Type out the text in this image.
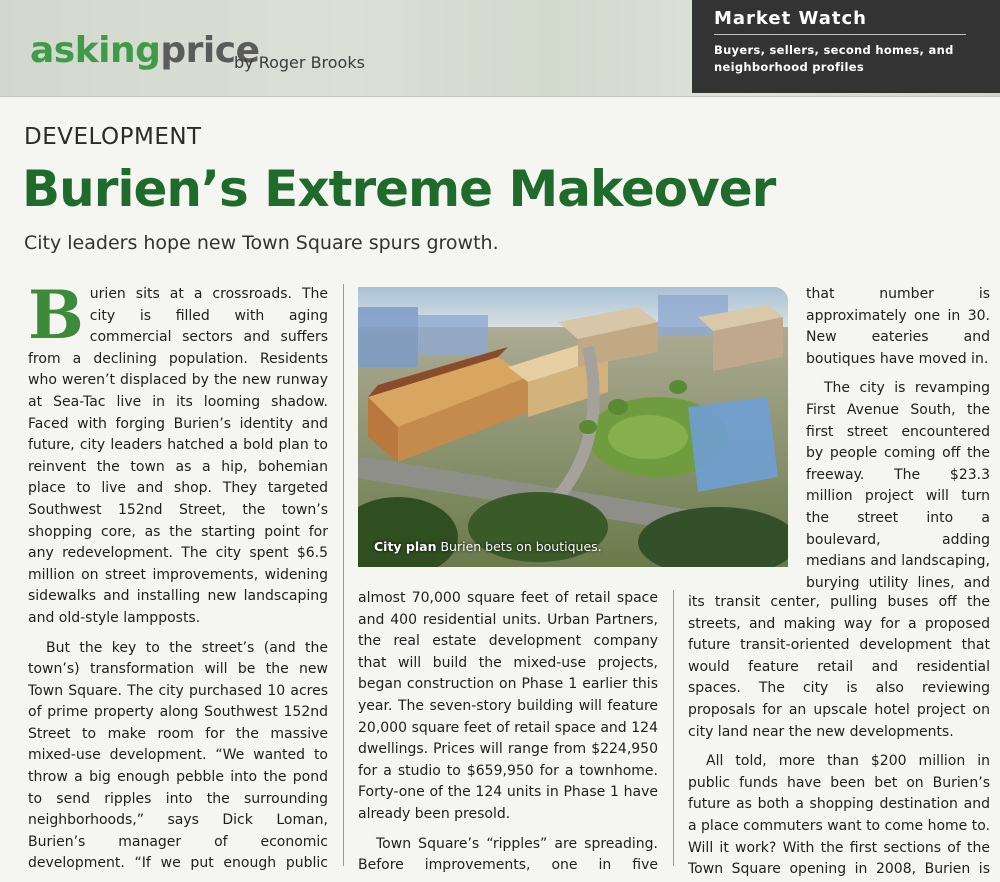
askingprice
by Roger Brooks
Market Watch
Buyers, sellers, second homes, and neighborhood profiles
DEVELOPMENT
Burien’s Extreme Makeover
City leaders hope new Town Square spurs growth.

Burien sits at a crossroads. The city is filled with aging commercial sectors and suffers from a declining population. Residents who weren’t displaced by the new runway at Sea-Tac live in its looming shadow. Faced with forging Burien’s identity and future, city leaders hatched a bold plan to reinvent the town as a hip, bohemian place to live and shop. They targeted Southwest 152nd Street, the town’s shopping core, as the starting point for any redevelopment. The city spent $6.5 million on street improvements, widening sidewalks and installing new landscaping and old-style lampposts.

But the key to the street’s (and the town’s) transformation will be the new Town Square. The city purchased 10 acres of prime property along Southwest 152nd Street to make room for the massive mixed-use development. “We wanted to throw a big enough pebble into the pond to send ripples into the surrounding neighborhoods,” says Dick Loman, Burien’s manager of economic development. “If we put enough public

City plan Burien bets on boutiques.

almost 70,000 square feet of retail space and 400 residential units. Urban Partners, the real estate development company that will build the mixed-use projects, began construction on Phase 1 earlier this year. The seven-story building will feature 20,000 square feet of retail space and 124 dwellings. Prices will range from $224,950 for a studio to $659,950 for a townhome. Forty-one of the 124 units in Phase 1 have already been presold.

Town Square’s “ripples” are spreading. Before improvements, one in five

that number is approximately one in 30. New eateries and boutiques have moved in.

The city is revamping First Avenue South, the first street encountered by people coming off the freeway. The $23.3 million project will turn the street into a boulevard, adding medians and landscaping, burying utility lines, and

its transit center, pulling buses off the streets, and making way for a proposed future transit-oriented development that would feature retail and residential spaces. The city is also reviewing proposals for an upscale hotel project on city land near the new developments.

All told, more than $200 million in public funds have been bet on Burien’s future as both a shopping destination and a place commuters want to come home to. Will it work? With the first sections of the Town Square opening in 2008, Burien is
